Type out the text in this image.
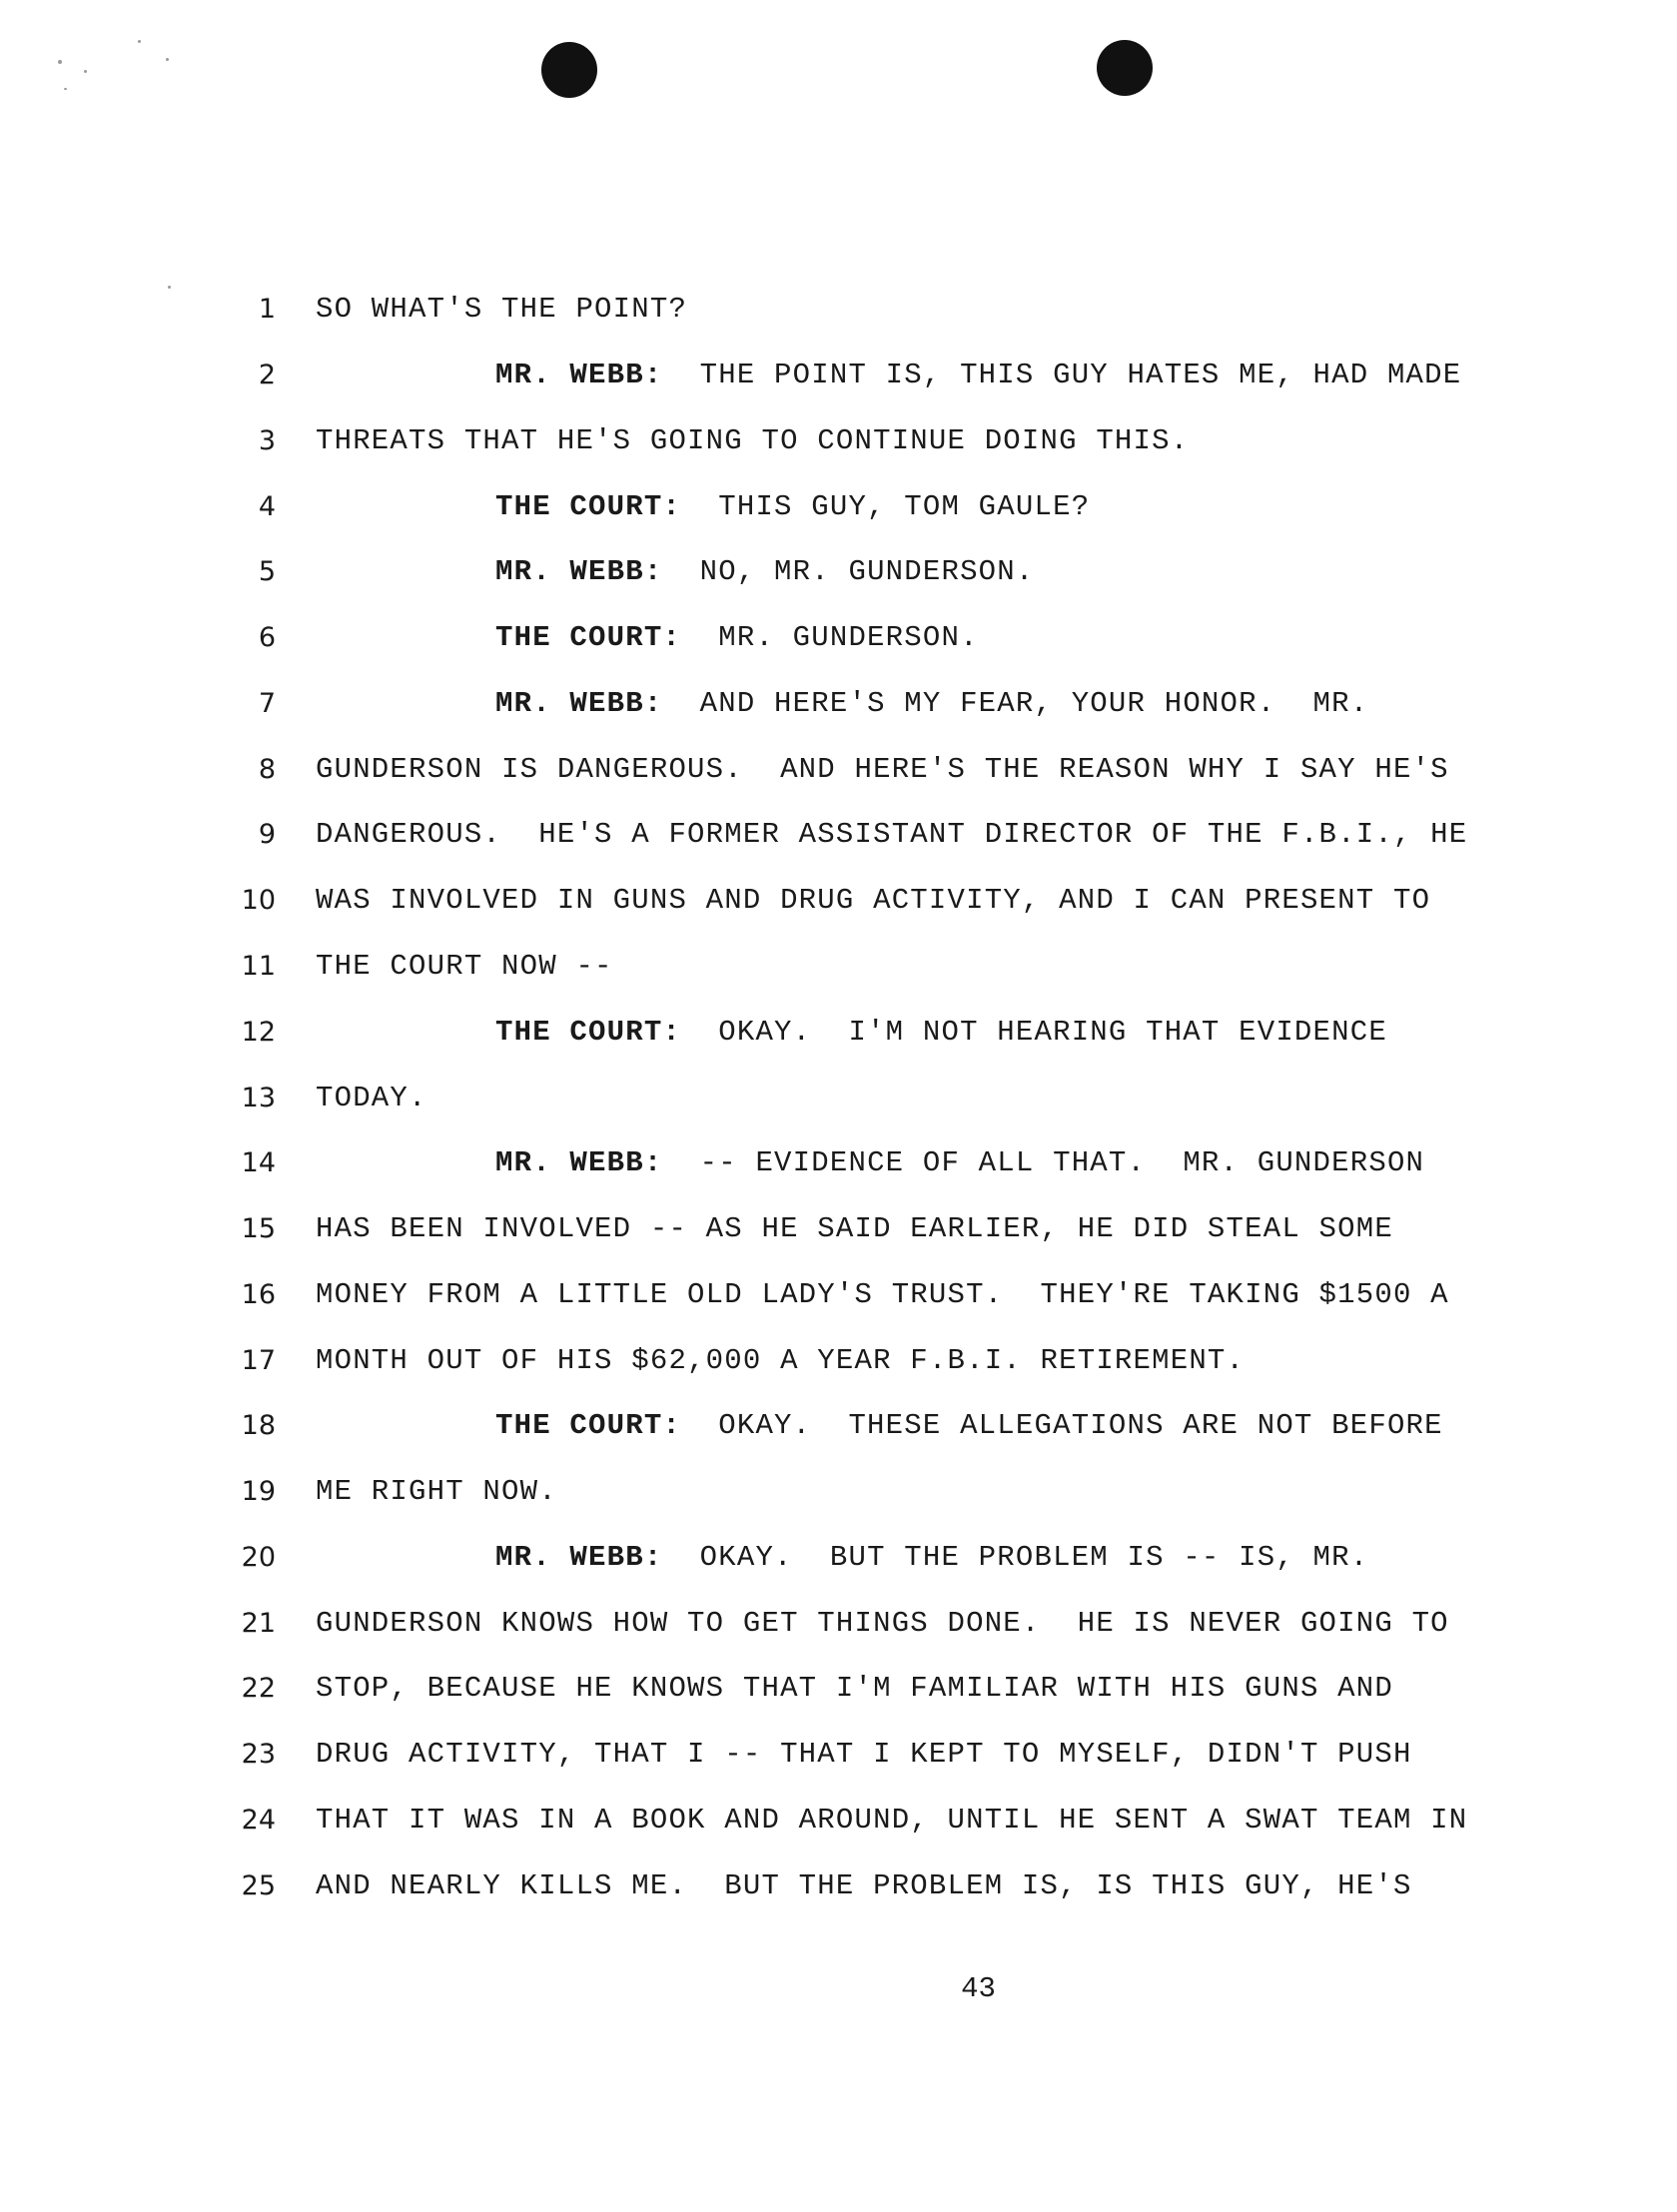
1 SO WHAT'S THE POINT?
2	MR. WEBB:  THE POINT IS, THIS GUY HATES ME, HAD MADE
3 THREATS THAT HE'S GOING TO CONTINUE DOING THIS.
4	THE COURT:  THIS GUY, TOM GAULE?
5	MR. WEBB:  NO, MR. GUNDERSON.
6	THE COURT:  MR. GUNDERSON.
7	MR. WEBB:  AND HERE'S MY FEAR, YOUR HONOR.  MR.
8 GUNDERSON IS DANGEROUS.  AND HERE'S THE REASON WHY I SAY HE'S
9 DANGEROUS.  HE'S A FORMER ASSISTANT DIRECTOR OF THE F.B.I., HE
10 WAS INVOLVED IN GUNS AND DRUG ACTIVITY, AND I CAN PRESENT TO
11 THE COURT NOW --
12	THE COURT:  OKAY.  I'M NOT HEARING THAT EVIDENCE
13 TODAY.
14	MR. WEBB:  -- EVIDENCE OF ALL THAT.  MR. GUNDERSON
15 HAS BEEN INVOLVED -- AS HE SAID EARLIER, HE DID STEAL SOME
16 MONEY FROM A LITTLE OLD LADY'S TRUST.  THEY'RE TAKING $1500 A
17 MONTH OUT OF HIS $62,000 A YEAR F.B.I. RETIREMENT.
18	THE COURT:  OKAY.  THESE ALLEGATIONS ARE NOT BEFORE
19 ME RIGHT NOW.
20	MR. WEBB:  OKAY.  BUT THE PROBLEM IS -- IS, MR.
21 GUNDERSON KNOWS HOW TO GET THINGS DONE.  HE IS NEVER GOING TO
22 STOP, BECAUSE HE KNOWS THAT I'M FAMILIAR WITH HIS GUNS AND
23 DRUG ACTIVITY, THAT I -- THAT I KEPT TO MYSELF, DIDN'T PUSH
24 THAT IT WAS IN A BOOK AND AROUND, UNTIL HE SENT A SWAT TEAM IN
25 AND NEARLY KILLS ME.  BUT THE PROBLEM IS, IS THIS GUY, HE'S
43
